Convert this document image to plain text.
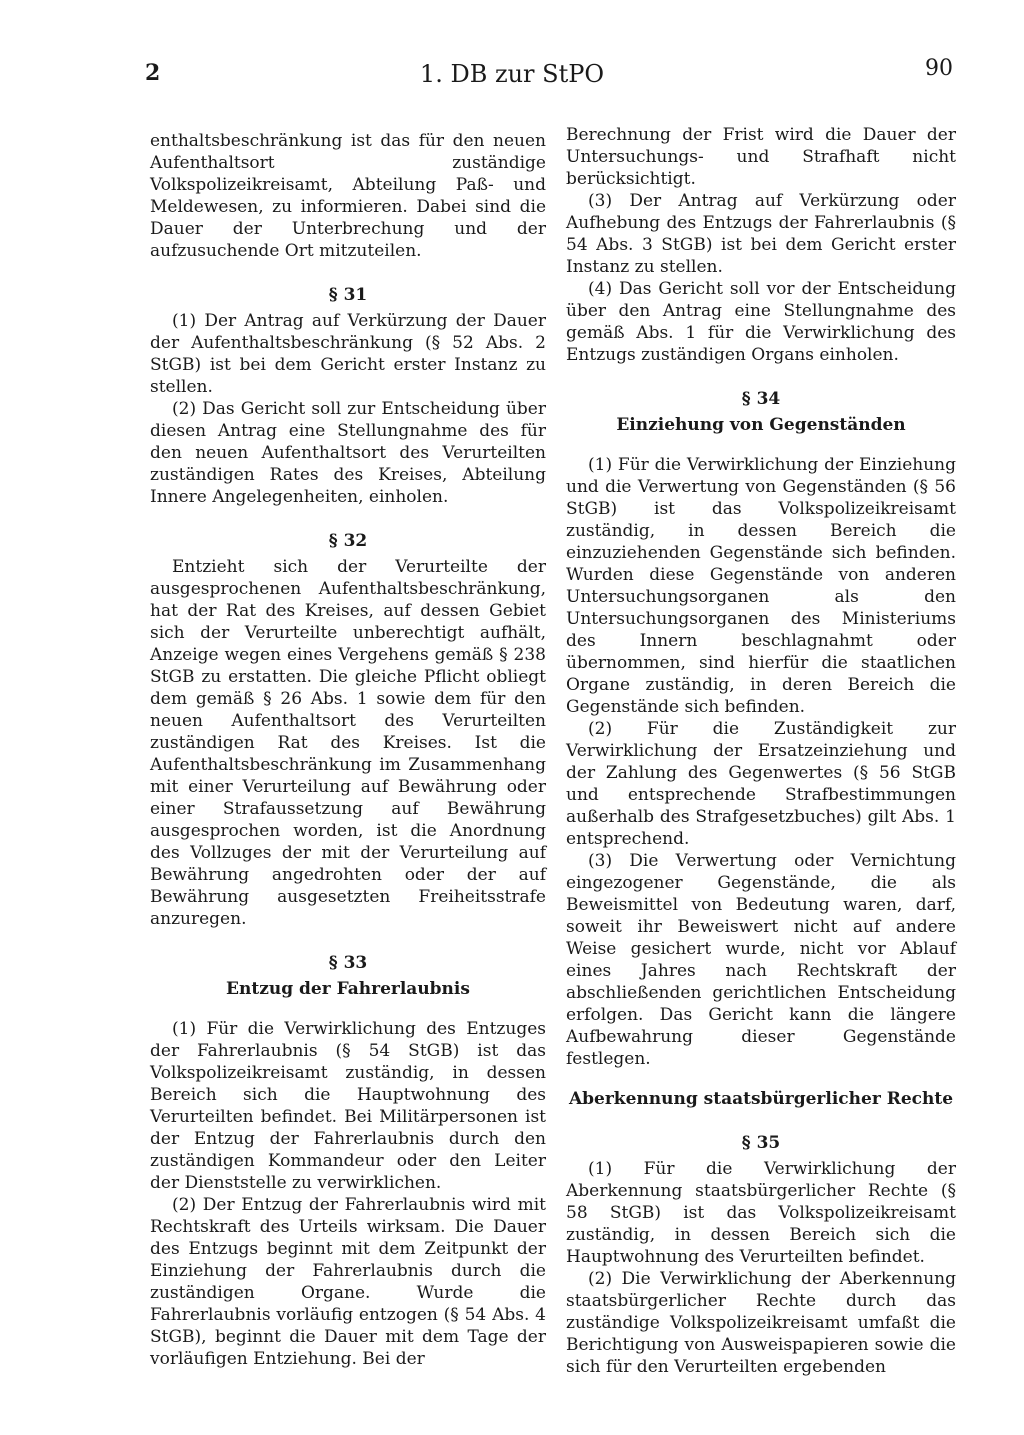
2	1. DB zur StPO	90

enthaltsbeschränkung ist das für den neuen Aufenthaltsort zuständige Volkspolizeikreisamt, Abteilung Paß- und Meldewesen, zu informieren. Dabei sind die Dauer der Unterbrechung und der aufzusuchende Ort mitzuteilen.

§ 31

(1) Der Antrag auf Verkürzung der Dauer der Aufenthaltsbeschränkung (§ 52 Abs. 2 StGB) ist bei dem Gericht erster Instanz zu stellen.

(2) Das Gericht soll zur Entscheidung über diesen Antrag eine Stellungnahme des für den neuen Aufenthaltsort des Verurteilten zuständigen Rates des Kreises, Abteilung Innere Angelegenheiten, einholen.

§ 32

Entzieht sich der Verurteilte der ausgesprochenen Aufenthaltsbeschränkung, hat der Rat des Kreises, auf dessen Gebiet sich der Verurteilte unberechtigt aufhält, Anzeige wegen eines Vergehens gemäß § 238 StGB zu erstatten. Die gleiche Pflicht obliegt dem gemäß § 26 Abs. 1 sowie dem für den neuen Aufenthaltsort des Verurteilten zuständigen Rat des Kreises. Ist die Aufenthaltsbeschränkung im Zusammenhang mit einer Verurteilung auf Bewährung oder einer Strafaussetzung auf Bewährung ausgesprochen worden, ist die Anordnung des Vollzuges der mit der Verurteilung auf Bewährung angedrohten oder der auf Bewährung ausgesetzten Freiheitsstrafe anzuregen.

§ 33
Entzug der Fahrerlaubnis

(1) Für die Verwirklichung des Entzuges der Fahrerlaubnis (§ 54 StGB) ist das Volkspolizeikreisamt zuständig, in dessen Bereich sich die Hauptwohnung des Verurteilten befindet. Bei Militärpersonen ist der Entzug der Fahrerlaubnis durch den zuständigen Kommandeur oder den Leiter der Dienststelle zu verwirklichen.

(2) Der Entzug der Fahrerlaubnis wird mit Rechtskraft des Urteils wirksam. Die Dauer des Entzugs beginnt mit dem Zeitpunkt der Einziehung der Fahrerlaubnis durch die zuständigen Organe. Wurde die Fahrerlaubnis vorläufig entzogen (§ 54 Abs. 4 StGB), beginnt die Dauer mit dem Tage der vorläufigen Entziehung. Bei der

Berechnung der Frist wird die Dauer der Untersuchungs- und Strafhaft nicht berücksichtigt.

(3) Der Antrag auf Verkürzung oder Aufhebung des Entzugs der Fahrerlaubnis (§ 54 Abs. 3 StGB) ist bei dem Gericht erster Instanz zu stellen.

(4) Das Gericht soll vor der Entscheidung über den Antrag eine Stellungnahme des gemäß Abs. 1 für die Verwirklichung des Entzugs zuständigen Organs einholen.

§ 34
Einziehung von Gegenständen

(1) Für die Verwirklichung der Einziehung und die Verwertung von Gegenständen (§ 56 StGB) ist das Volkspolizeikreisamt zuständig, in dessen Bereich die einzuziehenden Gegenstände sich befinden. Wurden diese Gegenstände von anderen Untersuchungsorganen als den Untersuchungsorganen des Ministeriums des Innern beschlagnahmt oder übernommen, sind hierfür die staatlichen Organe zuständig, in deren Bereich die Gegenstände sich befinden.

(2) Für die Zuständigkeit zur Verwirklichung der Ersatzeinziehung und der Zahlung des Gegenwertes (§ 56 StGB und entsprechende Strafbestimmungen außerhalb des Strafgesetzbuches) gilt Abs. 1 entsprechend.

(3) Die Verwertung oder Vernichtung eingezogener Gegenstände, die als Beweismittel von Bedeutung waren, darf, soweit ihr Beweiswert nicht auf andere Weise gesichert wurde, nicht vor Ablauf eines Jahres nach Rechtskraft der abschließenden gerichtlichen Entscheidung erfolgen. Das Gericht kann die längere Aufbewahrung dieser Gegenstände festlegen.

Aberkennung staatsbürgerlicher Rechte
§ 35

(1) Für die Verwirklichung der Aberkennung staatsbürgerlicher Rechte (§ 58 StGB) ist das Volkspolizeikreisamt zuständig, in dessen Bereich sich die Hauptwohnung des Verurteilten befindet.

(2) Die Verwirklichung der Aberkennung staatsbürgerlicher Rechte durch das zuständige Volkspolizeikreisamt umfaßt die Berichtigung von Ausweispapieren sowie die sich für den Verurteilten ergebenden
